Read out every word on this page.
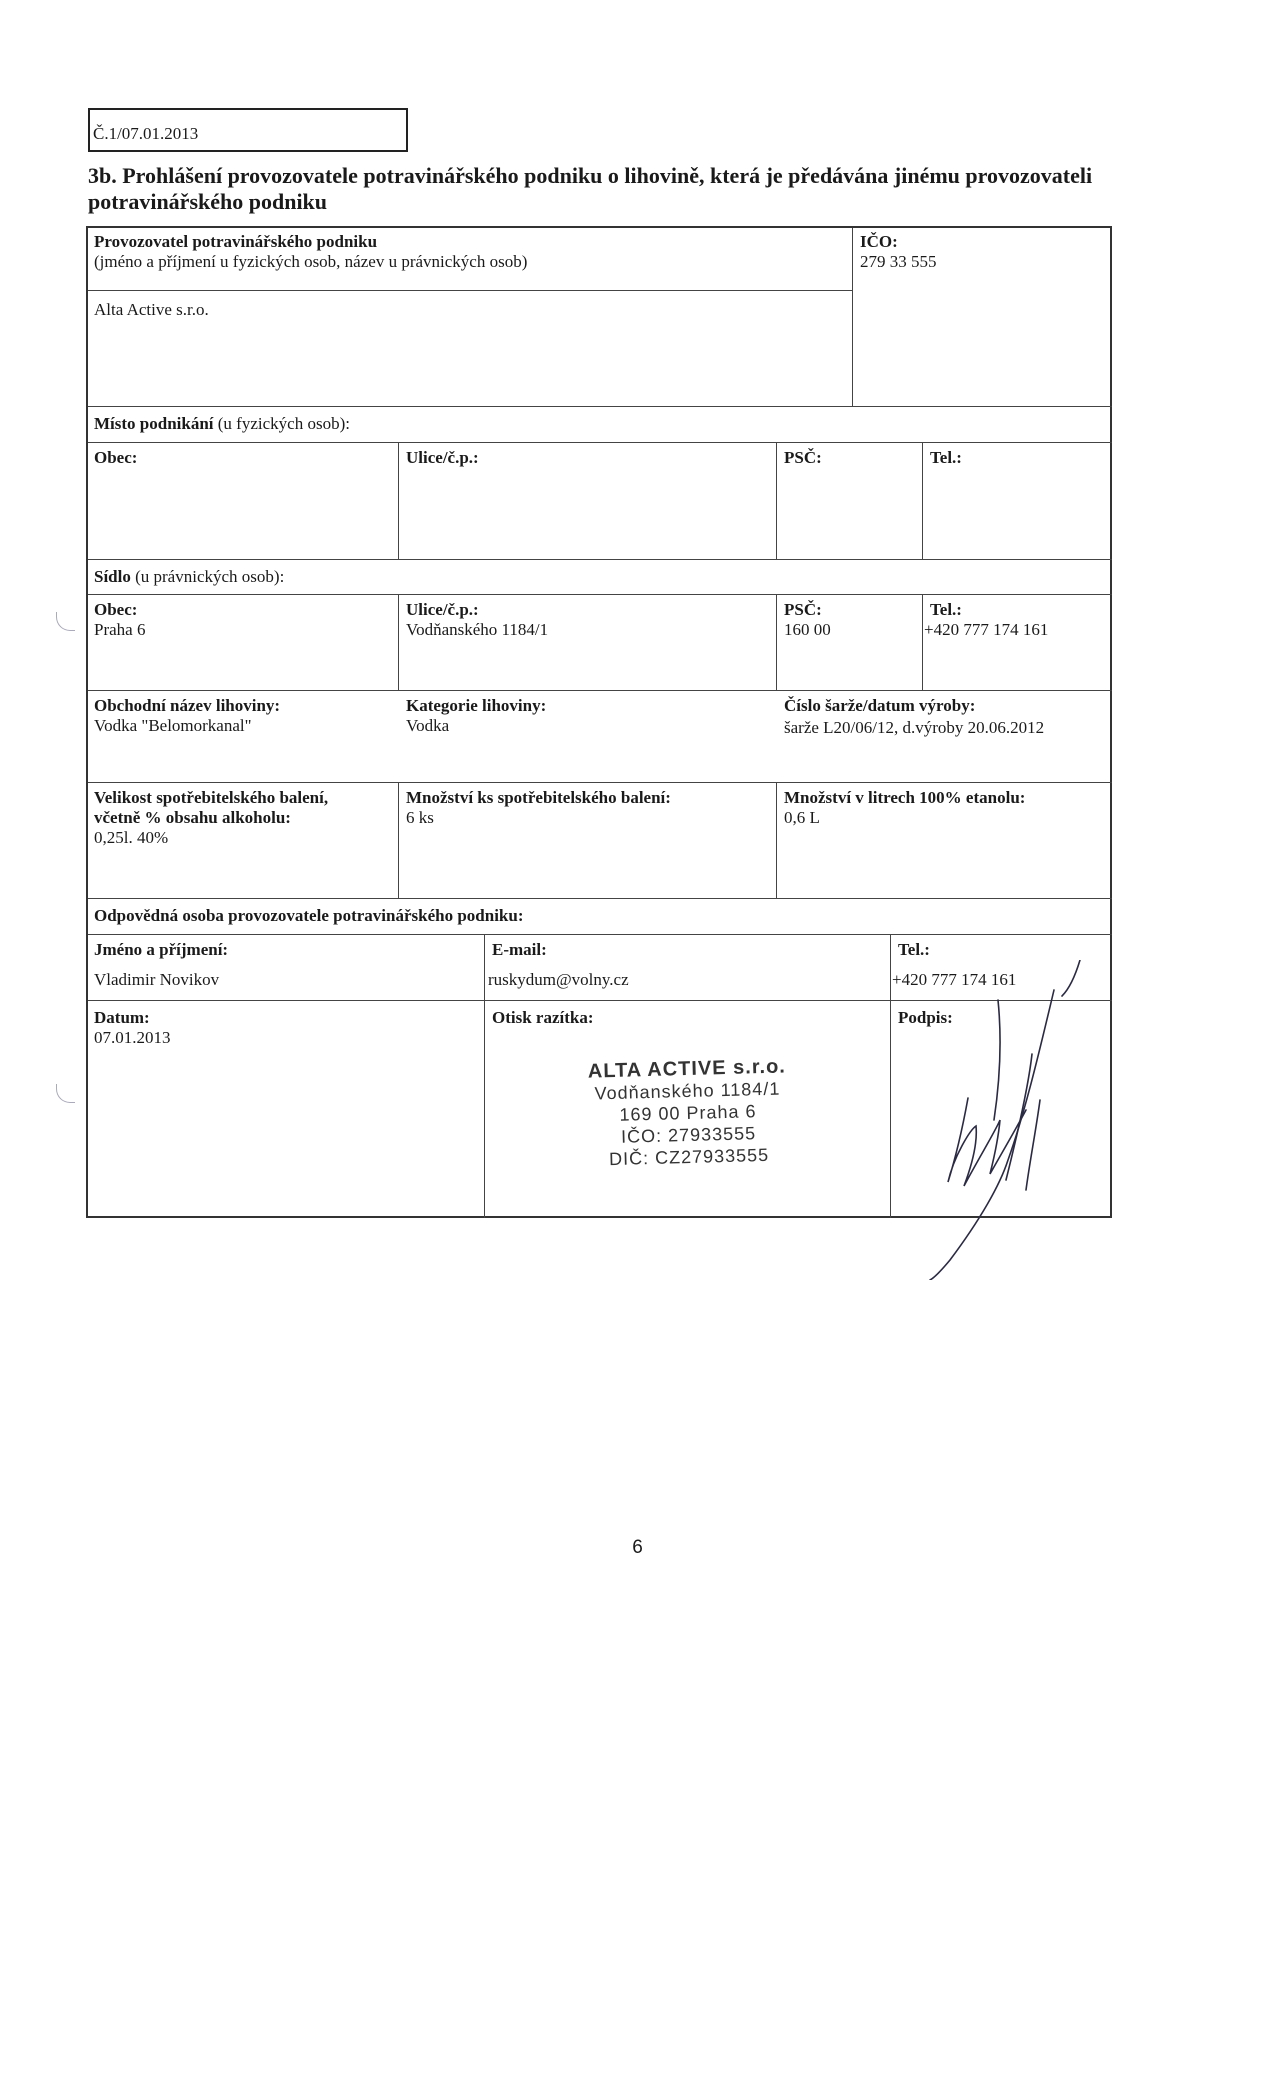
Č.1/07.01.2013
3b. Prohlášení provozovatele potravinářského podniku o lihovině, která je předávána jinému provozovateli
potravinářského podniku
Provozovatel potravinářského podniku
(jméno a příjmení u fyzických osob, název u právnických osob)
Alta Active s.r.o.
IČO:
279 33 555
Místo podnikání (u fyzických osob):
Obec:	Ulice/č.p.:	PSČ:	Tel.:
Sídlo (u právnických osob):
Obec:
Praha 6
Ulice/č.p.:
Vodňanského 1184/1
PSČ:
160 00
Tel.:
+420 777 174 161
Obchodní název lihoviny:
Vodka "Belomorkanal"
Kategorie lihoviny:
Vodka
Číslo šarže/datum výroby:
šarže L20/06/12, d.výroby 20.06.2012
Velikost spotřebitelského balení,
včetně % obsahu alkoholu:
0,25l. 40%
Množství ks spotřebitelského balení:
6 ks
Množství v litrech 100% etanolu:
0,6 L
Odpovědná osoba provozovatele potravinářského podniku:
Jméno a příjmení:
Vladimir Novikov
E-mail:
ruskydum@volny.cz
Tel.:
+420 777 174 161
Datum:
07.01.2013
Otisk razítka:	Podpis:
ALTA ACTIVE s.r.o.
Vodňanského 1184/1
169 00 Praha 6
IČO: 27933555
DIČ: CZ27933555
6
